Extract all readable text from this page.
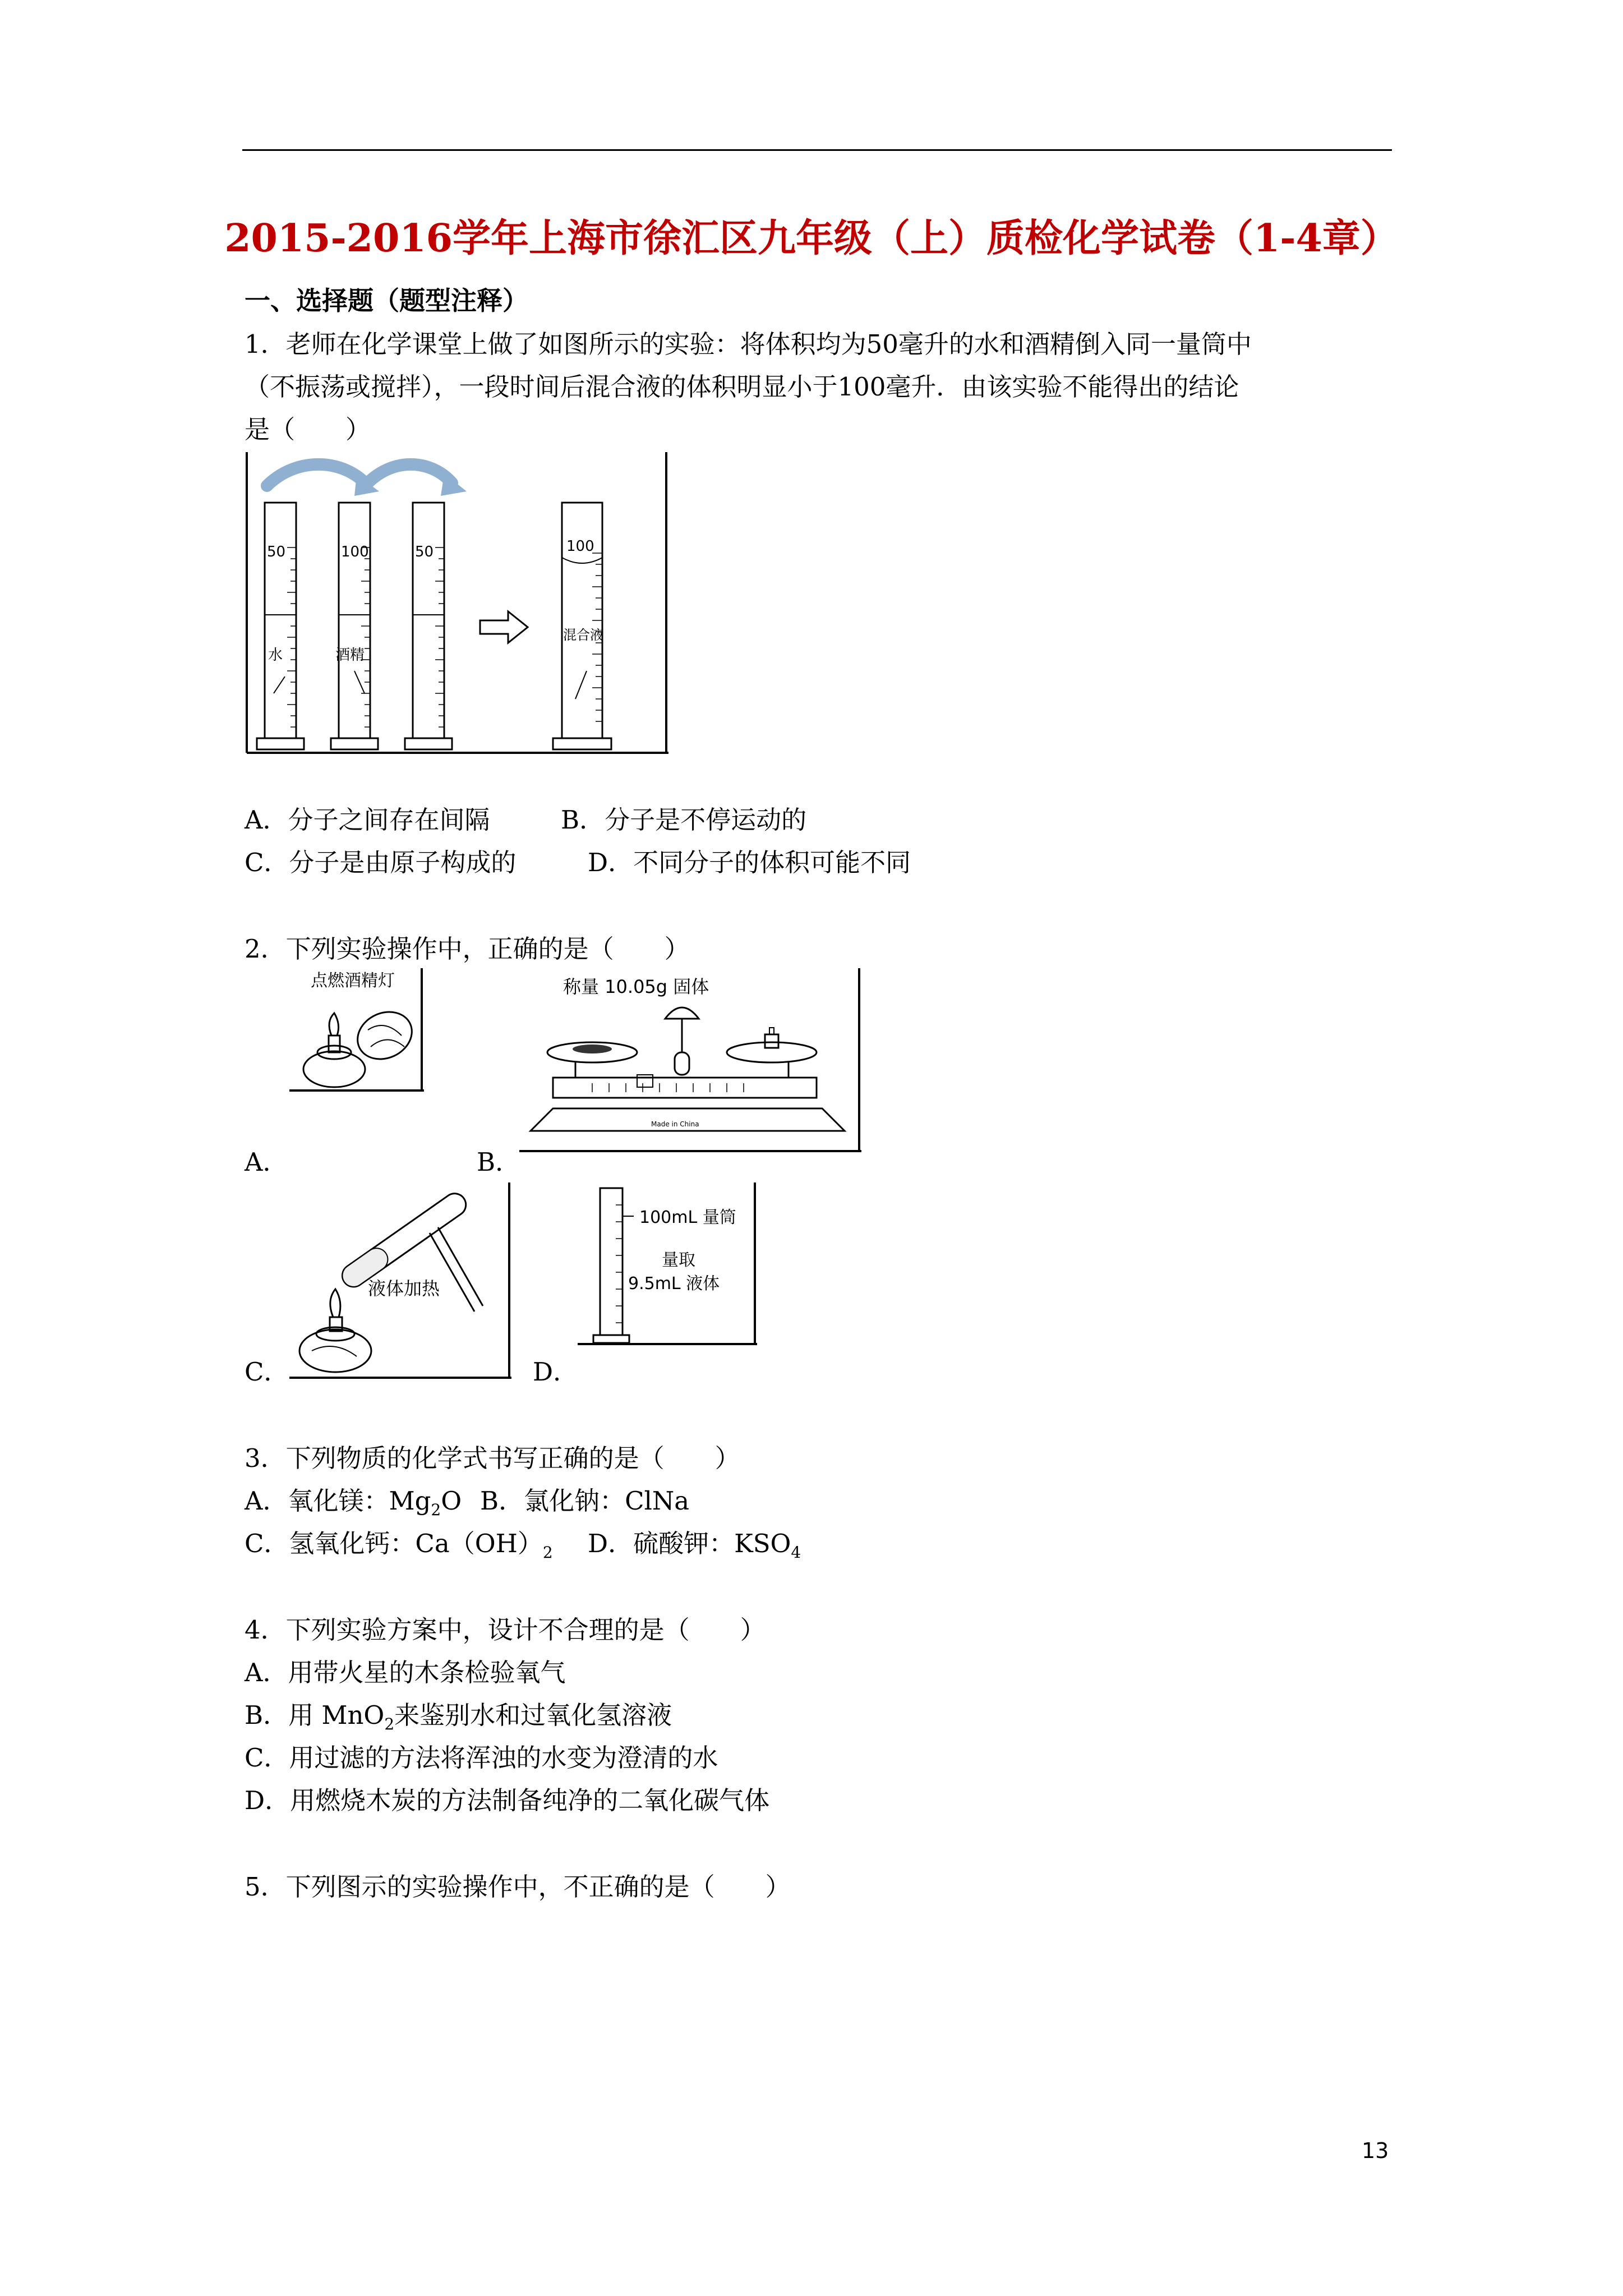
2015-2016学年上海市徐汇区九年级（上）质检化学试卷（1-4章）
一、选择题（题型注释）
1．老师在化学课堂上做了如图所示的实验：将体积均为50毫升的水和酒精倒入同一量筒中
（不振荡或搅拌），一段时间后混合液的体积明显小于100毫升．由该实验不能得出的结论
是（　　）
50
水
100
酒精
50	100
混合液
A．分子之间存在间隔	B．分子是不停运动的
C．分子是由原子构成的	D．不同分子的体积可能不同
2．下列实验操作中，正确的是（　　）
点燃酒精灯
A．
称量 10.05g 固体
Made in China
B．
液体加热
C．
100mL 量筒
量取
9.5mL 液体
D．
3．下列物质的化学式书写正确的是（　　）
A．氧化镁：$Mg_2O$ B．氯化钠：ClNa
C．氢氧化钙：$Ca(OH)_2$ D．硫酸钾：$KSO_4$
4．下列实验方案中，设计不合理的是（　　）
A．用带火星的木条检验氧气
B．用 MnO$_2$来鉴别水和过氧化氢溶液
C．用过滤的方法将浑浊的水变为澄清的水
D．用燃烧木炭的方法制备纯净的二氧化碳气体
5．下列图示的实验操作中，不正确的是（　　）
13
